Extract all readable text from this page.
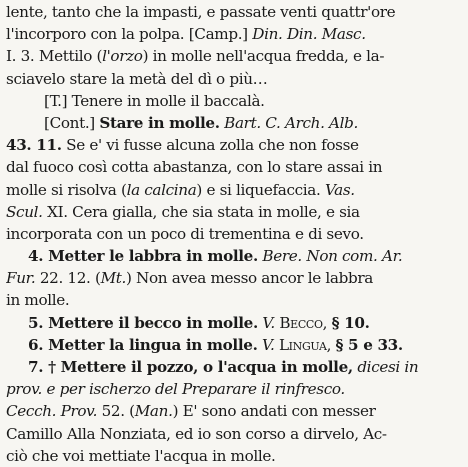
lente, tanto che la impasti, e passate venti quattr'ore
l'incorporo con la polpa. [Camp.] Din. Din. Masc.
I. 3. Mettilo (l'orzo) in molle nell'acqua fredda, e la-
sciavelo stare la metà del dì o più…
[T.] Tenere in molle il baccalà.
[Cont.] Stare in molle. Bart. C. Arch. Alb.
43. 11. Se e' vi fusse alcuna zolla che non fosse
dal fuoco così cotta abastanza, con lo stare assai in
molle si risolva (la calcina) e si liquefaccia. Vas.
Scul. XI. Cera gialla, che sia stata in molle, e sia
incorporata con un poco di trementina e di sevo.
4. Metter le labbra in molle. Bere. Non com. Ar.
Fur. 22. 12. (Mt.) Non avea messo ancor le labbra
in molle.
5. Mettere il becco in molle. V. Becco, § 10.
6. Metter la lingua in molle. V. Lingua, § 5 e 33.
7. † Mettere il pozzo, o l'acqua in molle, dicesi in
prov. e per ischerzo del Preparare il rinfresco.
Cecch. Prov. 52. (Man.) E' sono andati con messer
Camillo Alla Nonziata, ed io son corso a dirvelo, Ac-
ciò che voi mettiate l'acqua in molle.
